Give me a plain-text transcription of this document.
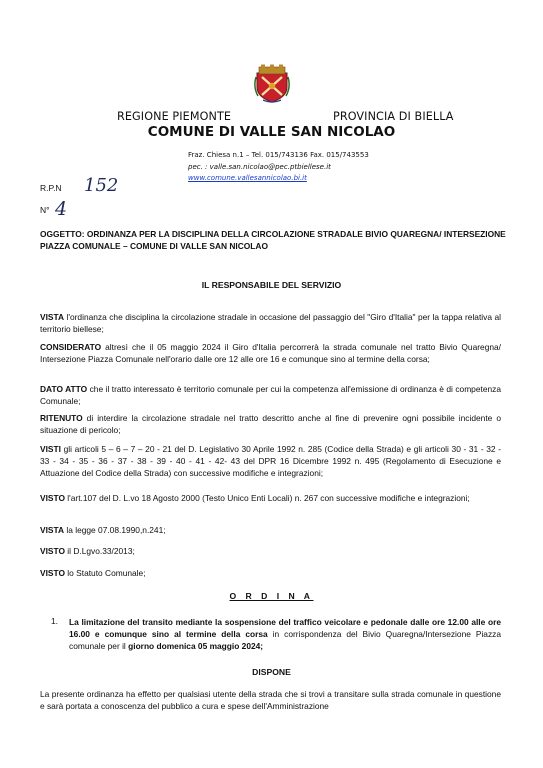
REGIONE PIEMONTE	PROVINCIA DI BIELLA
COMUNE DI VALLE SAN NICOLAO
Fraz. Chiesa n.1 – Tel. 015/743136 Fax. 015/743553
pec. : valle.san.nicolao@pec.ptbiellese.it
www.comune.vallesannicolao.bi.it
R.P.N 152
N° 4
OGGETTO: ORDINANZA PER LA DISCIPLINA DELLA CIRCOLAZIONE STRADALE BIVIO QUAREGNA/ INTERSEZIONE PIAZZA COMUNALE – COMUNE DI VALLE SAN NICOLAO
IL RESPONSABILE DEL SERVIZIO
VISTA l'ordinanza che disciplina la circolazione stradale in occasione del passaggio del "Giro d'Italia" per la tappa relativa al territorio biellese;
CONSIDERATO altresì che il 05 maggio 2024 il Giro d'Italia percorrerà la strada comunale nel tratto Bivio Quaregna/ Intersezione Piazza Comunale nell'orario dalle ore 12 alle ore 16 e comunque sino al termine della corsa;
DATO ATTO che il tratto interessato è territorio comunale per cui la competenza all'emissione di ordinanza è di competenza Comunale;
RITENUTO di interdire la circolazione stradale nel tratto descritto anche al fine di prevenire ogni possibile incidente o situazione di pericolo;
VISTI gli articoli 5 – 6 – 7 – 20 - 21 del D. Legislativo 30 Aprile 1992 n. 285 (Codice della Strada) e gli articoli 30 - 31 - 32 - 33 - 34 - 35 - 36 - 37 - 38 - 39 - 40 - 41 - 42- 43 del DPR 16 Dicembre 1992 n. 495 (Regolamento di Esecuzione e Attuazione del Codice della Strada) con successive modifiche e integrazioni;
VISTO l'art.107 del D. L.vo 18 Agosto 2000 (Testo Unico Enti Locali) n. 267 con successive modifiche e integrazioni;
VISTA la legge 07.08.1990,n.241;
VISTO il D.Lgvo.33/2013;
VISTO lo Statuto Comunale;
O R D I N A
1. La limitazione del transito mediante la sospensione del traffico veicolare e pedonale dalle ore 12.00 alle ore 16.00 e comunque sino al termine della corsa in corrispondenza del Bivio Quaregna/Intersezione Piazza comunale per il giorno domenica 05 maggio 2024;
DISPONE
La presente ordinanza ha effetto per qualsiasi utente della strada che si trovi a transitare sulla strada comunale in questione e sarà portata a conoscenza del pubblico a cura e spese dell'Amministrazione
